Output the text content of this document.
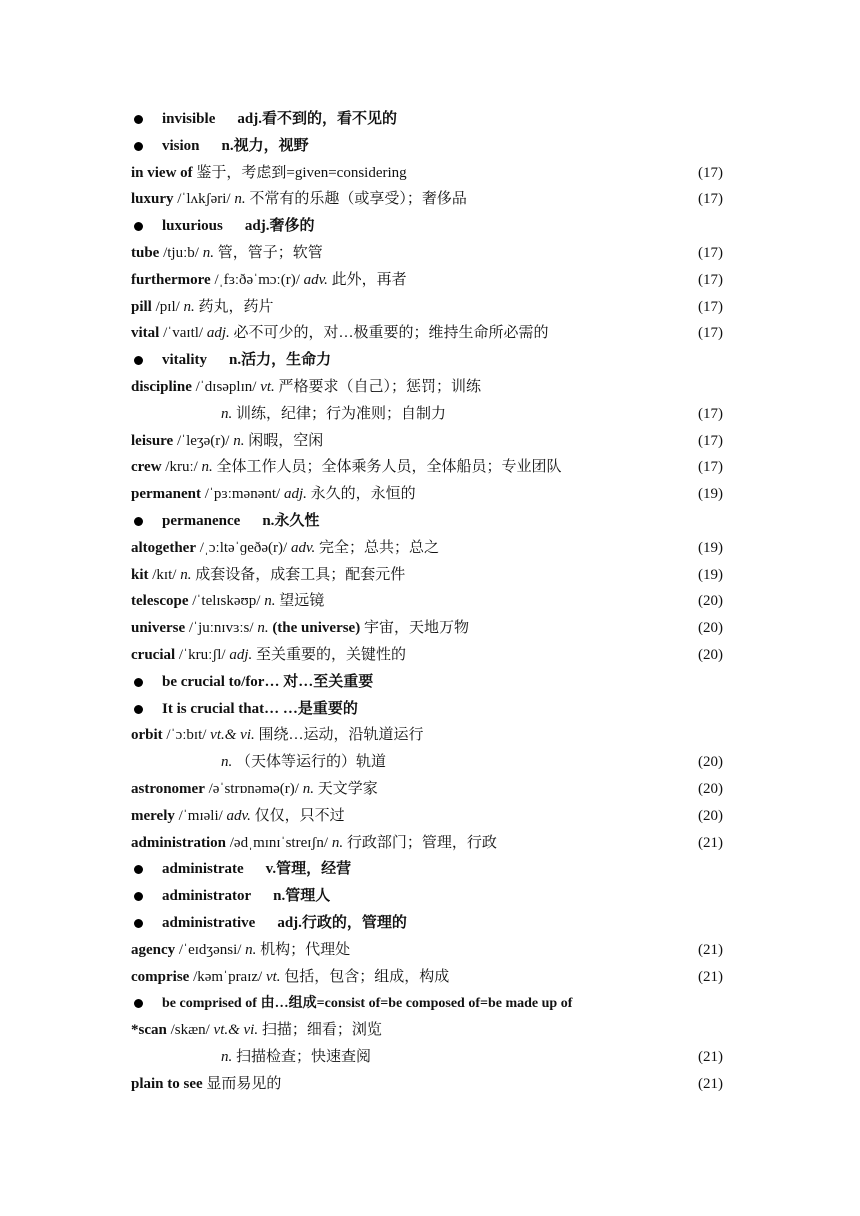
invisible adj.看不到的，看不见的
vision n.视力，视野
in view of 鉴于，考虑到=given=considering	(17)
luxury /ˈlʌkʃəri/ n. 不常有的乐趣（或享受）；奢侈品	(17)
luxurious adj.奢侈的
tube /tjuːb/ n. 管，管子；软管	(17)
furthermore /ˌfɜːðəˈmɔː(r)/ adv. 此外，再者	(17)
pill /pɪl/ n. 药丸，药片	(17)
vital /ˈvaɪtl/ adj. 必不可少的，对…极重要的；维持生命所必需的	(17)
vitality n.活力，生命力
discipline /ˈdɪsəplɪn/ vt. 严格要求（自己）；惩罚；训练
n. 训练，纪律；行为准则；自制力	(17)
leisure /ˈleʒə(r)/ n. 闲暇，空闲	(17)
crew /kruː/ n. 全体工作人员；全体乘务人员，全体船员；专业团队	(17)
permanent /ˈpɜːmənənt/ adj. 永久的，永恒的	(19)
permanence n.永久性
altogether /ˌɔːltəˈɡeðə(r)/ adv. 完全；总共；总之	(19)
kit /kɪt/ n. 成套设备，成套工具；配套元件	(19)
telescope /ˈtelɪskəʊp/ n. 望远镜	(20)
universe /ˈjuːnɪvɜːs/ n. (the universe) 宇宙，天地万物	(20)
crucial /ˈkruːʃl/ adj. 至关重要的，关键性的	(20)
be crucial to/for… 对…至关重要
It is crucial that… …是重要的
orbit /ˈɔːbɪt/ vt.& vi. 围绕…运动，沿轨道运行
n. （天体等运行的）轨道	(20)
astronomer /əˈstrɒnəmə(r)/ n. 天文学家	(20)
merely /ˈmɪəli/ adv. 仅仅，只不过	(20)
administration /ədˌmɪnɪˈstreɪʃn/ n. 行政部门；管理，行政	(21)
administrate v.管理，经营
administrator n.管理人
administrative adj.行政的，管理的
agency /ˈeɪdʒənsi/ n. 机构；代理处	(21)
comprise /kəmˈpraɪz/ vt. 包括，包含；组成，构成	(21)
be comprised of 由…组成=consist of=be composed of=be made up of
*scan /skæn/ vt.& vi. 扫描；细看；浏览
n. 扫描检查；快速查阅	(21)
plain to see 显而易见的	(21)
